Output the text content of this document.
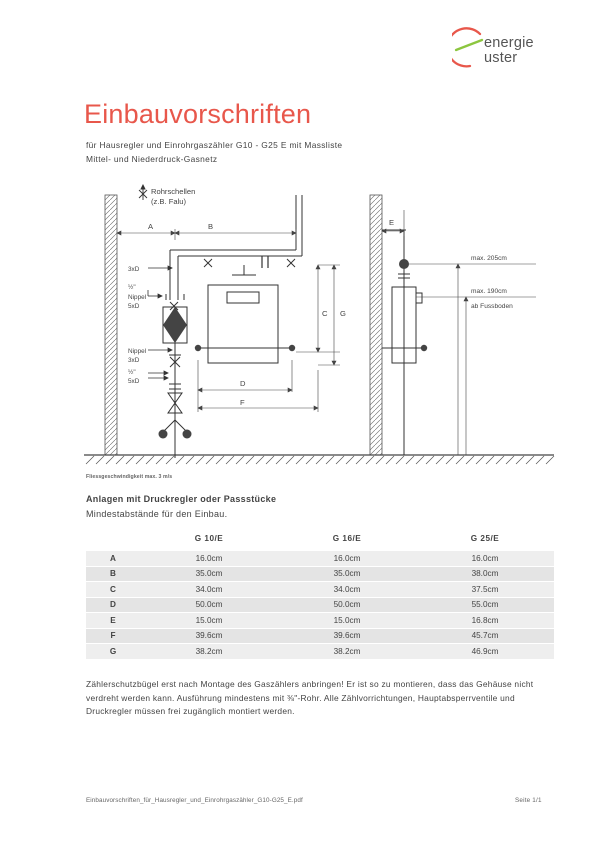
energie
uster
Einbauvorschriften
für Hausregler und Einrohrgaszähler G10 - G25 E mit Massliste
Mittel- und Niederdruck-Gasnetz
Rohrschellen
(z.B. Falu)
A	B
C G
D
F
E
3xD
½"
Nippel
5xD
Nippel
3xD
½"
5xD
max. 205cm
max. 190cm
ab Fussboden
Fliessgeschwindigkeit max. 3 m/s
Anlagen mit Druckregler oder Passstücke
Mindestabstände für den Einbau.
	G 10/E	G 16/E	G 25/E
A	16.0cm	16.0cm	16.0cm
B	35.0cm	35.0cm	38.0cm
C	34.0cm	34.0cm	37.5cm
D	50.0cm	50.0cm	55.0cm
E	15.0cm	15.0cm	16.8cm
F	39.6cm	39.6cm	45.7cm
G	38.2cm	38.2cm	46.9cm
Zählerschutzbügel erst nach Montage des Gaszählers anbringen! Er ist so zu montieren, dass das Gehäuse nicht verdreht werden kann. Ausführung mindestens mit ⅜"-Rohr. Alle Zählvorrichtungen, Hauptabsperrventile und Druckregler müssen frei zugänglich montiert werden.
Einbauvorschriften_für_Hausregler_und_Einrohrgaszähler_G10-G25_E.pdf	Seite 1/1
